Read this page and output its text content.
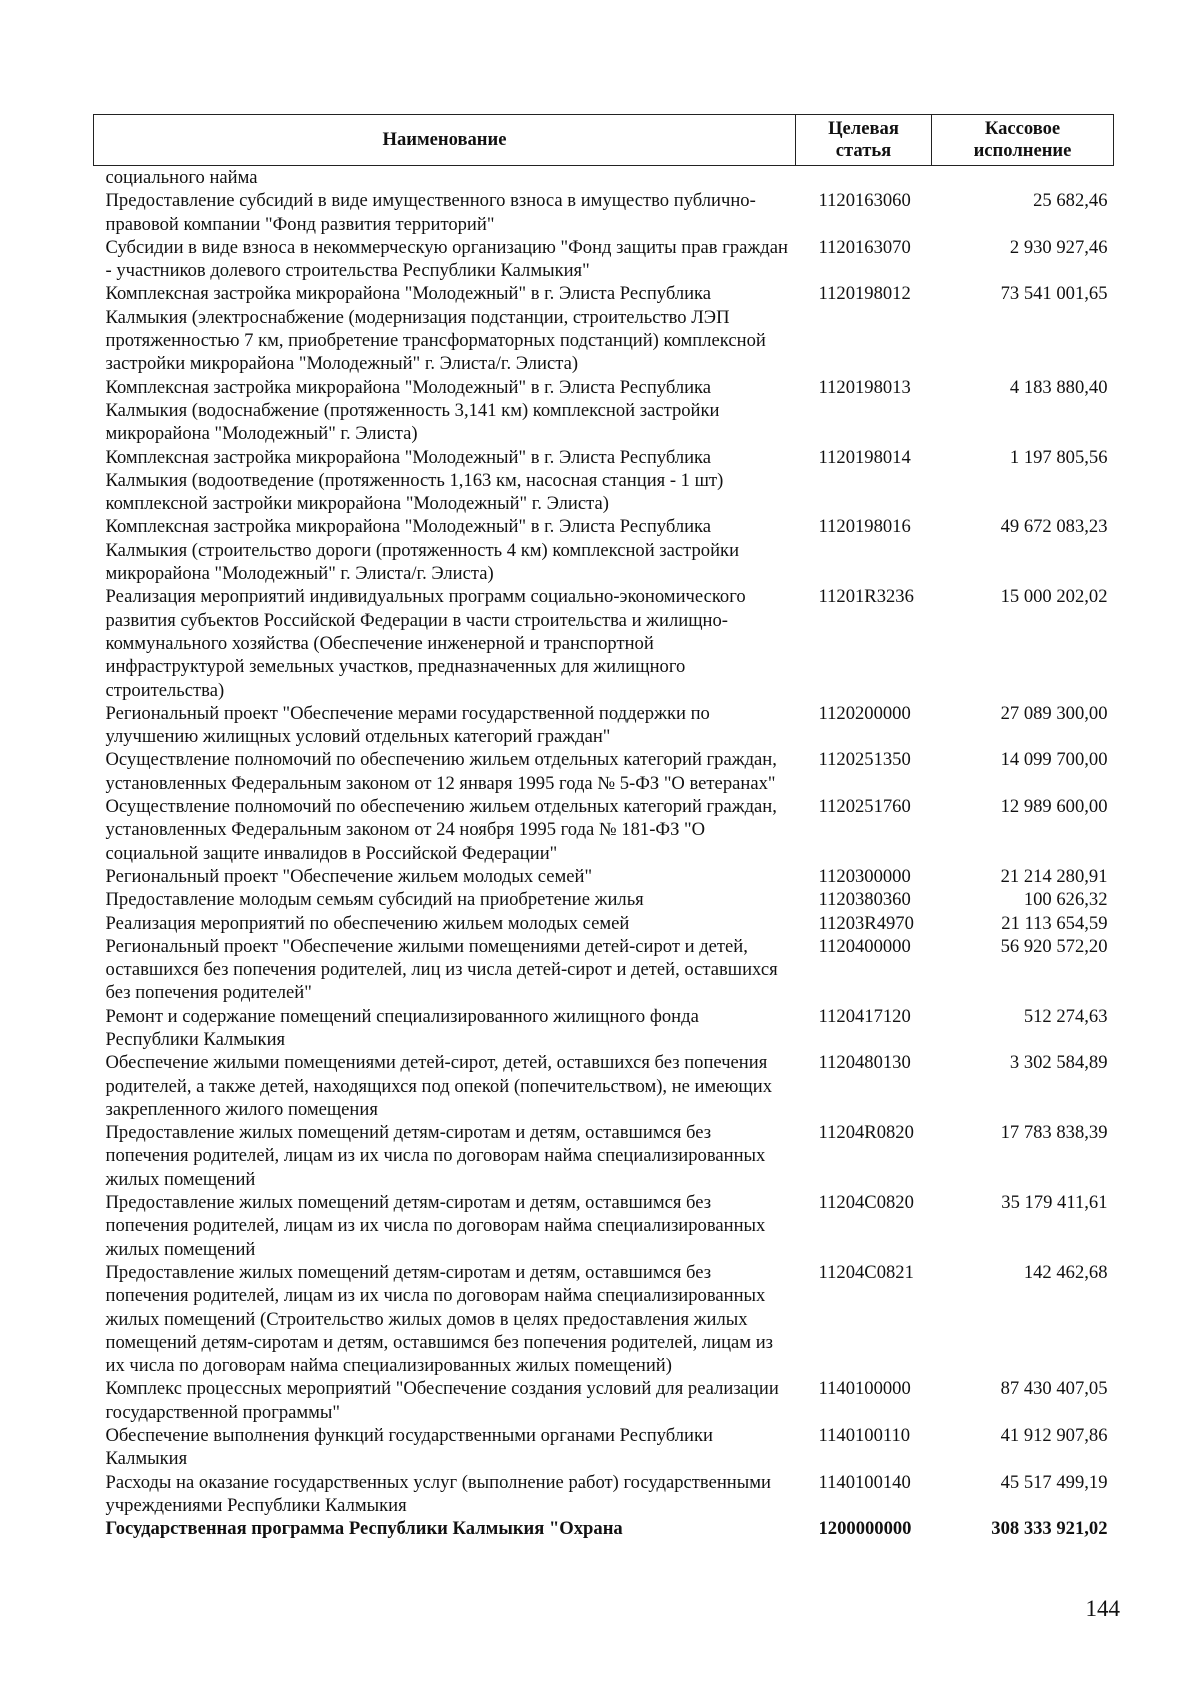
Наименование	Целевая статья	Кассовое исполнение
социального найма		
Предоставление субсидий в виде имущественного взноса в имущество публично-правовой компании "Фонд развития территорий"	1120163060	25 682,46
Субсидии в виде взноса в некоммерческую организацию "Фонд защиты прав граждан - участников долевого строительства Республики Калмыкия"	1120163070	2 930 927,46
Комплексная застройка микрорайона "Молодежный" в г. Элиста Республика Калмыкия (электроснабжение (модернизация подстанции, строительство ЛЭП протяженностью 7 км, приобретение трансформаторных подстанций) комплексной застройки микрорайона "Молодежный" г. Элиста/г. Элиста)	1120198012	73 541 001,65
Комплексная застройка микрорайона "Молодежный" в г. Элиста Республика Калмыкия (водоснабжение (протяженность 3,141 км) комплексной застройки микрорайона "Молодежный" г. Элиста)	1120198013	4 183 880,40
Комплексная застройка микрорайона "Молодежный" в г. Элиста Республика Калмыкия (водоотведение (протяженность 1,163 км, насосная станция - 1 шт) комплексной застройки микрорайона "Молодежный" г. Элиста)	1120198014	1 197 805,56
Комплексная застройка микрорайона "Молодежный" в г. Элиста Республика Калмыкия (строительство дороги (протяженность 4 км) комплексной застройки микрорайона "Молодежный" г. Элиста/г. Элиста)	1120198016	49 672 083,23
Реализация мероприятий индивидуальных программ социально-экономического развития субъектов Российской Федерации в части строительства и жилищно-коммунального хозяйства (Обеспечение инженерной и транспортной инфраструктурой земельных участков, предназначенных для жилищного строительства)	11201R3236	15 000 202,02
Региональный проект "Обеспечение мерами государственной поддержки по улучшению жилищных условий отдельных категорий граждан"	1120200000	27 089 300,00
Осуществление полномочий по обеспечению жильем отдельных категорий граждан, установленных Федеральным законом от 12 января 1995 года № 5-ФЗ "О ветеранах"	1120251350	14 099 700,00
Осуществление полномочий по обеспечению жильем отдельных категорий граждан, установленных Федеральным законом от 24 ноября 1995 года № 181-ФЗ "О социальной защите инвалидов в Российской Федерации"	1120251760	12 989 600,00
Региональный проект "Обеспечение жильем молодых семей"	1120300000	21 214 280,91
Предоставление молодым семьям субсидий на приобретение жилья	1120380360	100 626,32
Реализация мероприятий по обеспечению жильем молодых семей	11203R4970	21 113 654,59
Региональный проект "Обеспечение жилыми помещениями детей-сирот и детей, оставшихся без попечения родителей, лиц из числа детей-сирот и детей, оставшихся без попечения родителей"	1120400000	56 920 572,20
Ремонт и содержание помещений специализированного жилищного фонда Республики Калмыкия	1120417120	512 274,63
Обеспечение жилыми помещениями детей-сирот, детей, оставшихся без попечения родителей, а также детей, находящихся под опекой (попечительством), не имеющих закрепленного жилого помещения	1120480130	3 302 584,89
Предоставление жилых помещений детям-сиротам и детям, оставшимся без попечения родителей, лицам из их числа по договорам найма специализированных жилых помещений	11204R0820	17 783 838,39
Предоставление жилых помещений детям-сиротам и детям, оставшимся без попечения родителей, лицам из их числа по договорам найма специализированных жилых помещений	11204C0820	35 179 411,61
Предоставление жилых помещений детям-сиротам и детям, оставшимся без попечения родителей, лицам из их числа по договорам найма специализированных жилых помещений (Строительство жилых домов в целях предоставления жилых помещений детям-сиротам и детям, оставшимся без попечения родителей, лицам из их числа по договорам найма специализированных жилых помещений)	11204C0821	142 462,68
Комплекс процессных мероприятий "Обеспечение создания условий для реализации государственной программы"	1140100000	87 430 407,05
Обеспечение выполнения функций государственными органами Республики Калмыкия	1140100110	41 912 907,86
Расходы на оказание государственных услуг (выполнение работ) государственными учреждениями Республики Калмыкия	1140100140	45 517 499,19
Государственная программа Республики Калмыкия "Охрана	1200000000	308 333 921,02
144
